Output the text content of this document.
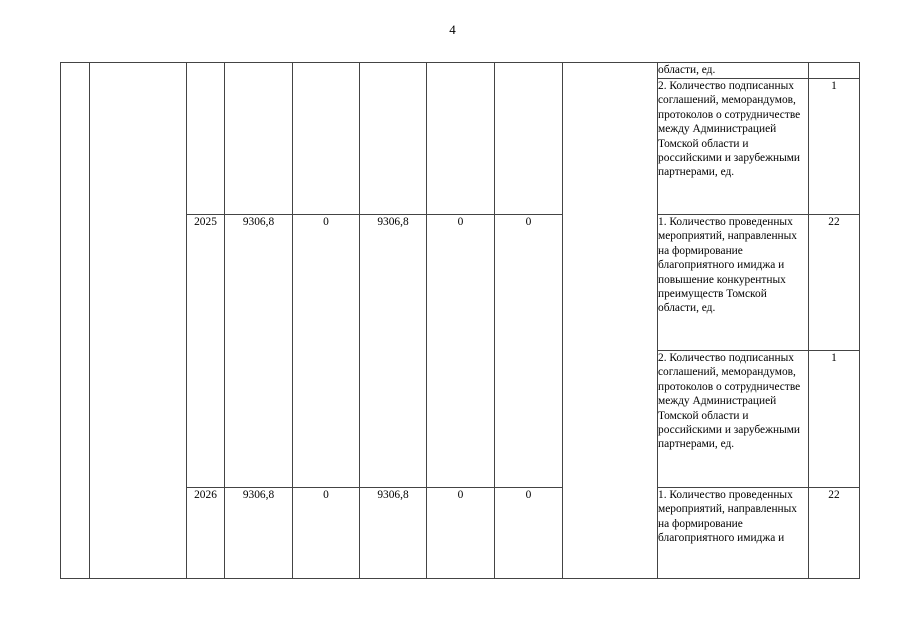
4
									области, ед.	
									2. Количество подписанных соглашений, меморандумов, протоколов о сотрудничестве между Администрацией Томской области и российскими и зарубежными партнерами, ед.	1
		2025	9306,8	0	9306,8	0	0		1. Количество проведенных мероприятий, направленных на формирование благоприятного имиджа и повышение конкурентных преимуществ Томской области, ед.	22
									2. Количество подписанных соглашений, меморандумов, протоколов о сотрудничестве между Администрацией Томской области и российскими и зарубежными партнерами, ед.	1
		2026	9306,8	0	9306,8	0	0		1. Количество проведенных мероприятий, направленных на формирование благоприятного имиджа и	22
